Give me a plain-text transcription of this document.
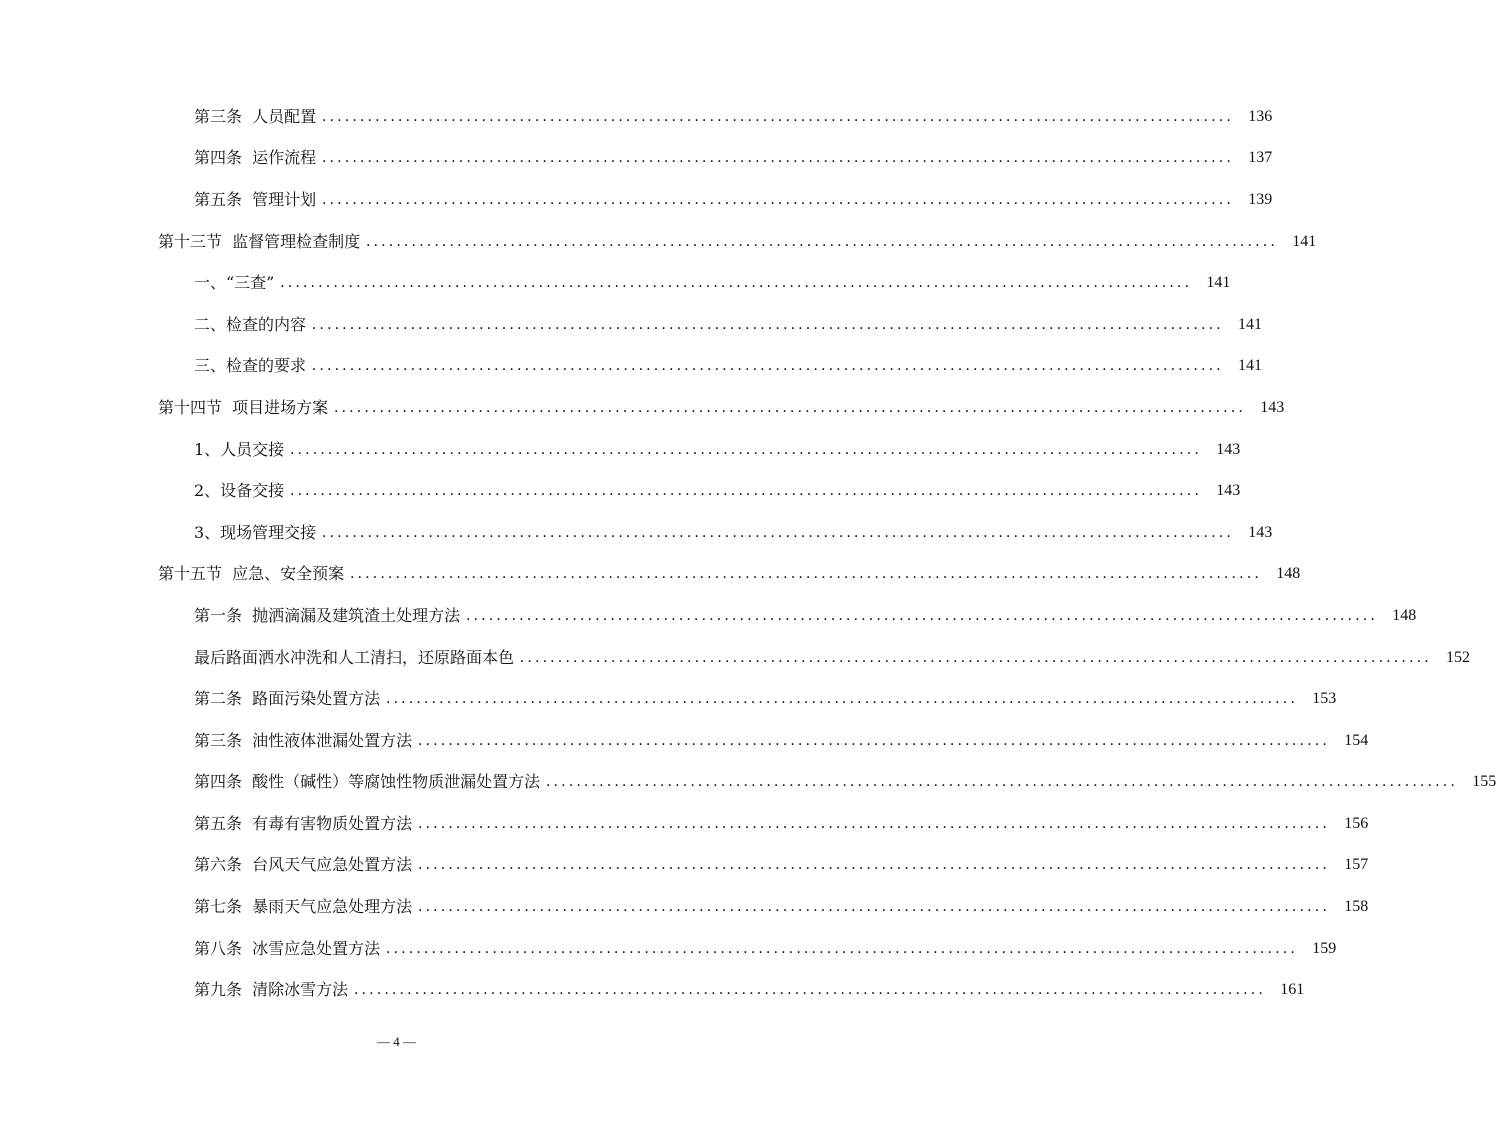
第三条  人员配置 ........................................................................................................................ 136
第四条  运作流程 ........................................................................................................................ 137
第五条  管理计划 ........................................................................................................................ 139
第十三节  监督管理检查制度 ........................................................................................................................ 141
一、“三查” ........................................................................................................................ 141
二、检查的内容 ........................................................................................................................ 141
三、检查的要求 ........................................................................................................................ 141
第十四节  项目进场方案 ........................................................................................................................ 143
1、人员交接 ........................................................................................................................ 143
2、设备交接 ........................................................................................................................ 143
3、现场管理交接 ........................................................................................................................ 143
第十五节  应急、安全预案 ........................................................................................................................ 148
第一条  抛洒滴漏及建筑渣土处理方法 ........................................................................................................................ 148
最后路面洒水冲洗和人工清扫，还原路面本色 ........................................................................................................................ 152
第二条  路面污染处置方法 ........................................................................................................................ 153
第三条  油性液体泄漏处置方法 ........................................................................................................................ 154
第四条  酸性（碱性）等腐蚀性物质泄漏处置方法 ........................................................................................................................ 155
第五条  有毒有害物质处置方法 ........................................................................................................................ 156
第六条  台风天气应急处置方法 ........................................................................................................................ 157
第七条  暴雨天气应急处理方法 ........................................................................................................................ 158
第八条  冰雪应急处置方法 ........................................................................................................................ 159
第九条  清除冰雪方法 ........................................................................................................................ 161
— 4 —
